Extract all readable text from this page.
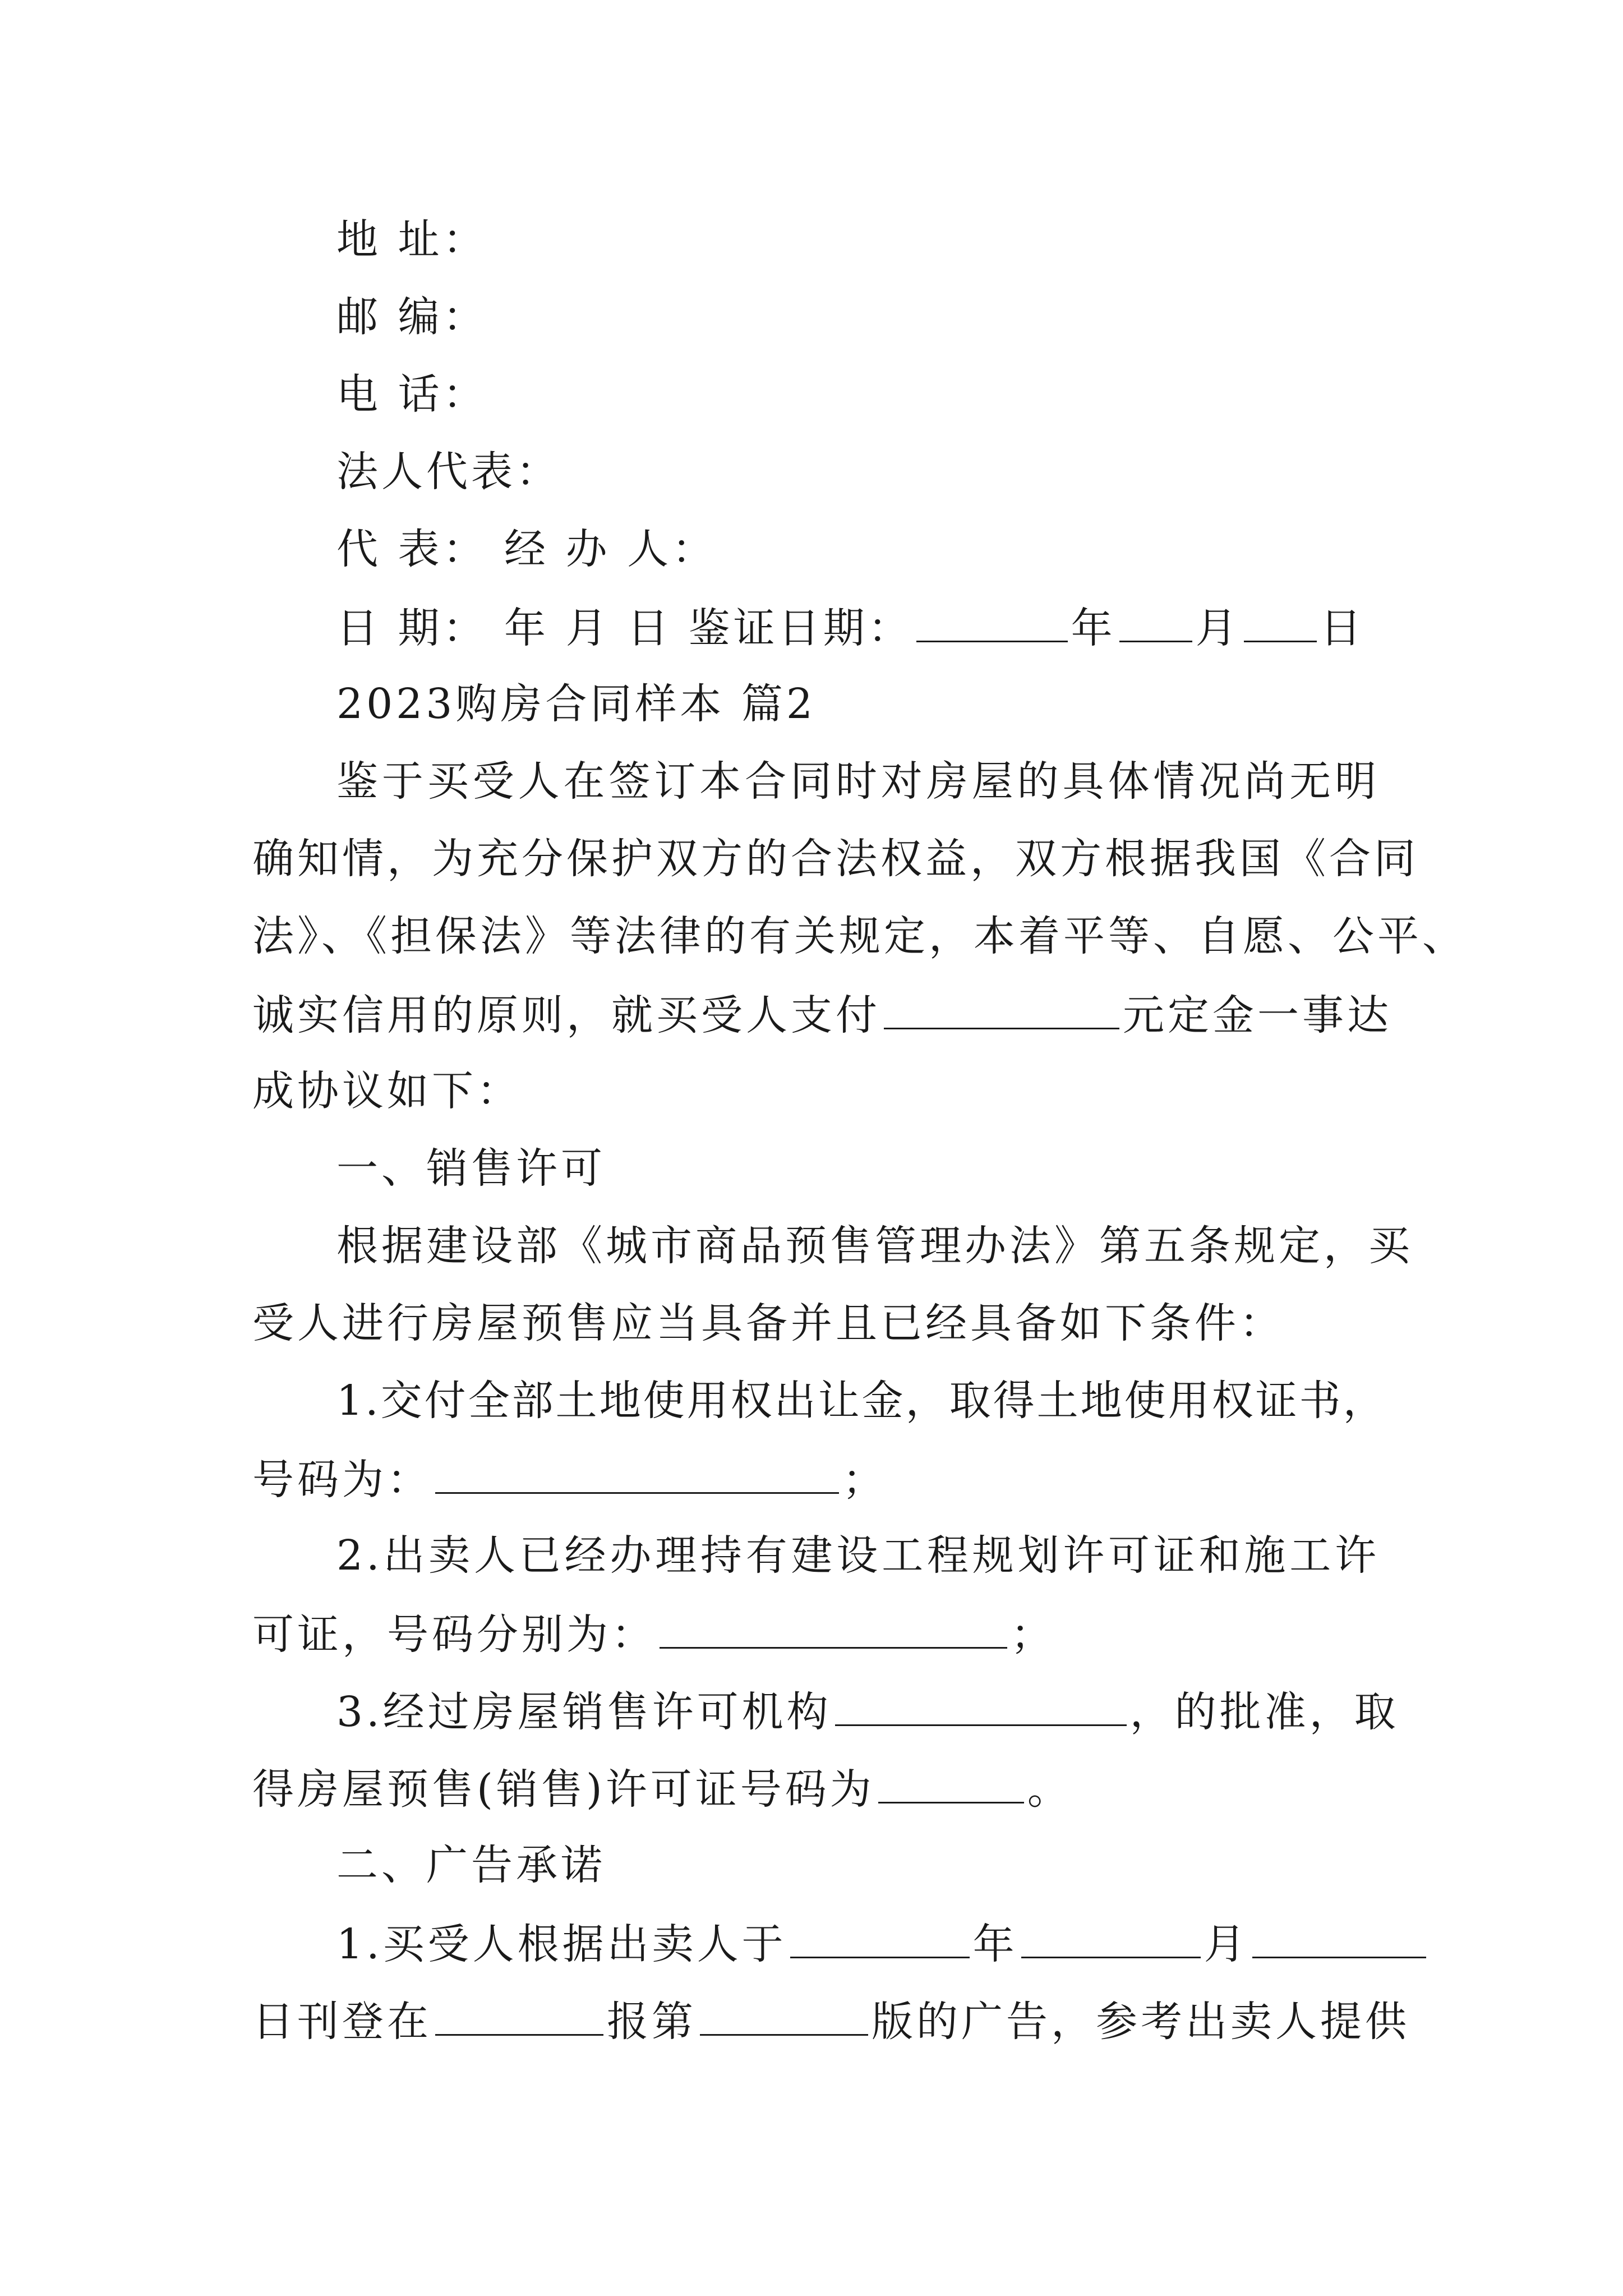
地 址：
邮 编：
电 话：
法人代表：
代 表： 经 办 人：
日 期： 年 月 日 鉴证日期：	年 月 日
2023购房合同样本 篇2
鉴于买受人在签订本合同时对房屋的具体情况尚无明
确知情，为充分保护双方的合法权益，双方根据我国《合同
法》、《担保法》等法律的有关规定，本着平等、自愿、公平、
诚实信用的原则，就买受人支付	元定金一事达
成协议如下：
一、销售许可
根据建设部《城市商品预售管理办法》第五条规定，买
受人进行房屋预售应当具备并且已经具备如下条件：
1.交付全部土地使用权出让金，取得土地使用权证书，
号码为：	；
2.出卖人已经办理持有建设工程规划许可证和施工许
可证，号码分别为：	；
3.经过房屋销售许可机构	，的批准，取
得房屋预售(销售)许可证号码为	。
二、广告承诺
1.买受人根据出卖人于	年	月
日刊登在	报第	版的广告，参考出卖人提供
